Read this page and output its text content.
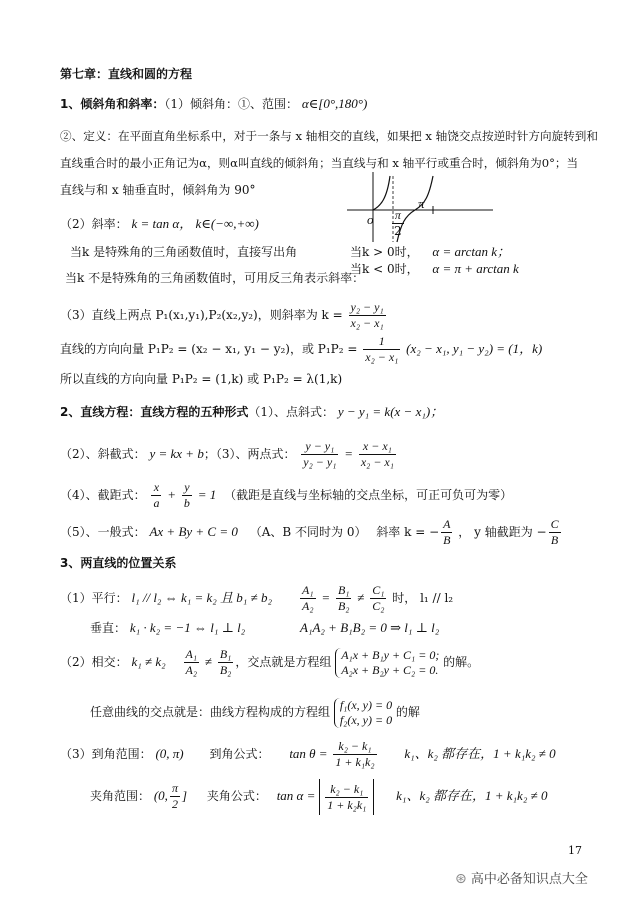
第七章：直线和圆的方程
1、倾斜角和斜率：（1）倾斜角：①、范围： α∈[0°,180°)
②、定义：在平面直角坐标系中，对于一条与 x 轴相交的直线，如果把 x 轴饶交点按逆时针方向旋转到和
直线重合时的最小正角记为α，则α叫直线的倾斜角；当直线与和 x 轴平行或重合时，倾斜角为0°；当
直线与和 x 轴垂直时，倾斜角为 90°
（2）斜率： k = tan α， k∈(−∞,+∞)
当k 是特殊角的三角函数值时，直接写出角
当k 不是特殊角的三角函数值时，可用反三角表示斜率：
o $\frac{\pi}{2}$
π
当k > 0时， α = arctan k；
当k < 0时， α = π + arctan k
（3）直线上两点 P₁(x₁,y₁),P₂(x₂,y₂)，则斜率为 $k = \frac{\text{y₂ − y₁}}{\text{x₂ − x₁}}$
直线的方向向量 P₁P₂ = (x₂ − x₁, y₁ − y₂)，或 $P_1P_2 = \frac{1}{\text{x₂ − x₁}} (x_2 - x_1$, y₁ − y₂) = (1，k)
所以直线的方向向量 P₁P₂ = (1,k) 或 P₁P₂ = λ(1,k)
2、直线方程：直线方程的五种形式（1）、点斜式： y − y₁ = k(x − x₁)；
（2）、斜截式： y = kx + b；（3）、两点式： $\frac{\text{y − y₁}}{\text{y₂ − y₁}} = \frac{\text{x − x₁}}{\text{x₂ − x₁}}$
（4）、截距式： $\frac{x}{a} + \frac{y}{b} = 1$ （截距是直线与坐标轴的交点坐标，可正可负可为零）
（5）、一般式： Ax + By + C = 0 （A、B 不同时为 0） 斜率 k = − $\frac{A}{B}$ ， y 轴截距为 − $\frac{C}{B}$
3、两直线的位置关系
（1）平行： l₁ // l₂ ⇔ k₁ = k₂ 且 $b_1 \ne b_2 \frac{\text{A₁}}{\text{A₂}} = \frac{\text{B₁}}{\text{B₂}} \ne \frac{\text{C₁}}{\text{C₂}}$ 时， l₁ // l₂
垂直： k₁ · k₂ = −1 ⇔ l₁ ⊥ l₂	A₁A₂ + B₁B₂ = 0 ⇒ l₁ ⊥ l₂
（2）相交： $k_1 \ne k_2 \frac{\text{A₁}}{\text{A₂}} \ne \frac{\text{B₁}}{\text{B₂}}$ ，交点就是方程组
A₁x + B₁y + C₁ = 0;
A₂x + B₂y + C₂ = 0.
的解。
任意曲线的交点就是：曲线方程构成的方程组
f₁(x, y) = 0
f₂(x, y) = 0
的解
（3）到角范围： (0, π) 到角公式： $\tan \theta = \frac{\text{k₂ − k₁}}{\text{1 + k₁k₂}} k_1$、k₂ 都存在，1 + k₁k₂ ≠ 0
夹角范围： (0, $\frac{\pi}{2}$ ] 夹角公式： $\tan \alpha = \frac{\text{k₂ − k₁}}{\text{1 + k₂k₁}} k_1$、k₂ 都存在，1 + k₁k₂ ≠ 0
17
⊛ 高中必备知识点大全
